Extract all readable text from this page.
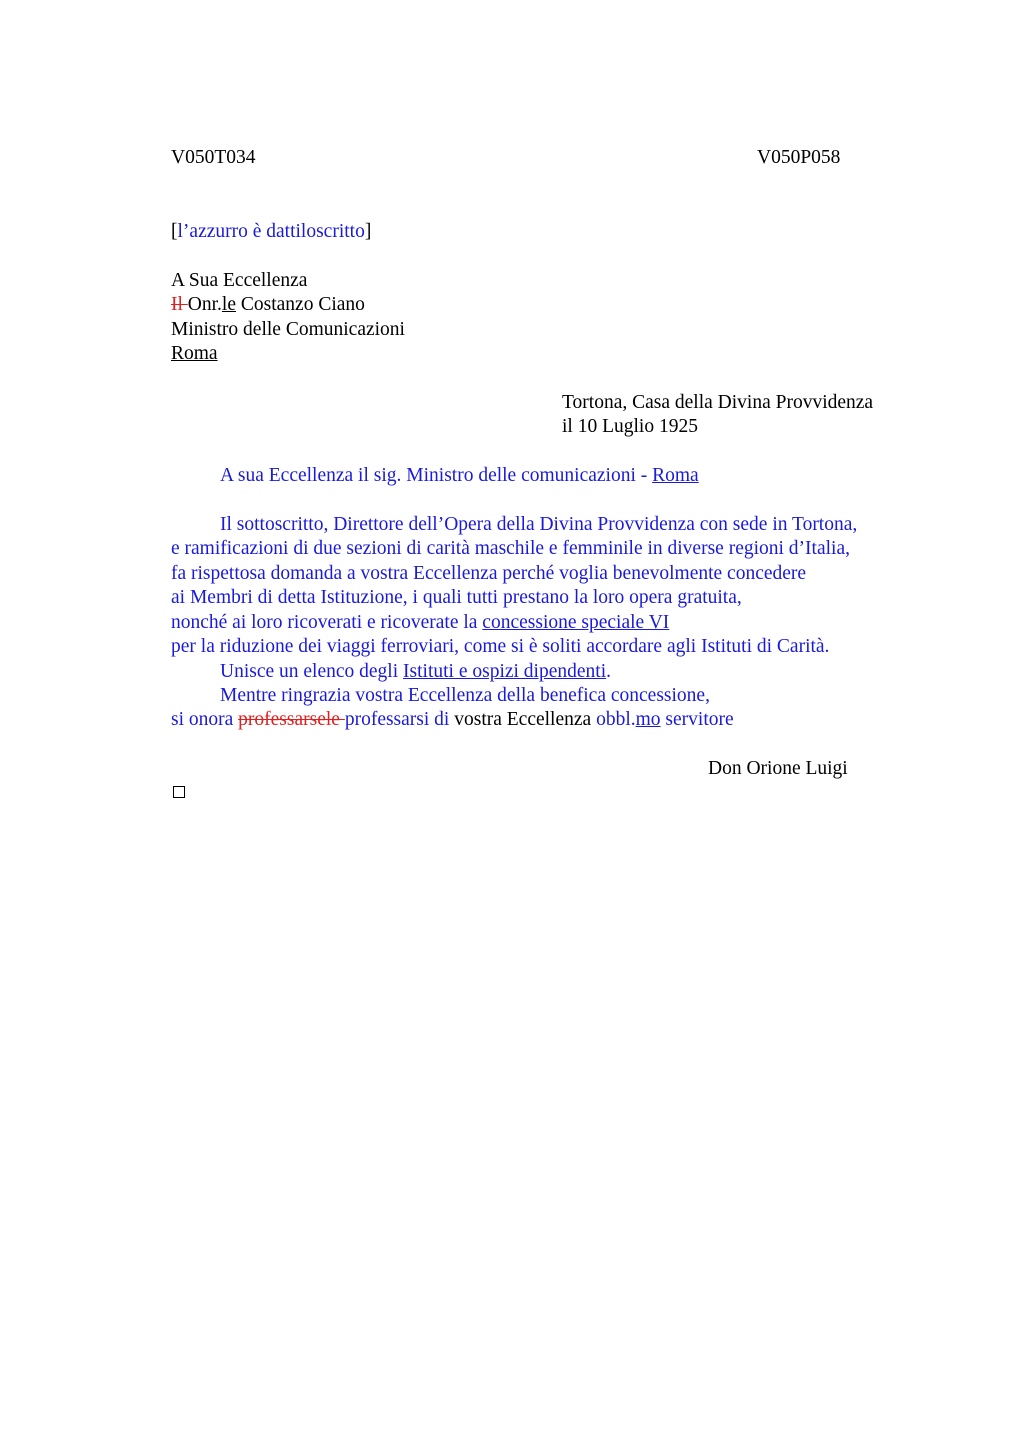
V050T034	V050P058
[l’azzurro è dattiloscritto]
A Sua Eccellenza
Il Onr.le Costanzo Ciano
Ministro delle Comunicazioni
Roma
Tortona, Casa della Divina Provvidenza
il 10 Luglio 1925
A sua Eccellenza il sig. Ministro delle comunicazioni - Roma
Il sottoscritto, Direttore dell’Opera della Divina Provvidenza con sede in Tortona,
e ramificazioni di due sezioni di carità maschile e femminile in diverse regioni d’Italia,
fa rispettosa domanda a vostra Eccellenza perché voglia benevolmente concedere
ai Membri di detta Istituzione, i quali tutti prestano la loro opera gratuita,
nonché ai loro ricoverati e ricoverate la concessione speciale VI
per la riduzione dei viaggi ferroviari, come si è soliti accordare agli Istituti di Carità.
Unisce un elenco degli Istituti e ospizi dipendenti.
Mentre ringrazia vostra Eccellenza della benefica concessione,
si onora professarsele professarsi di vostra Eccellenza obbl.mo servitore
Don Orione Luigi
